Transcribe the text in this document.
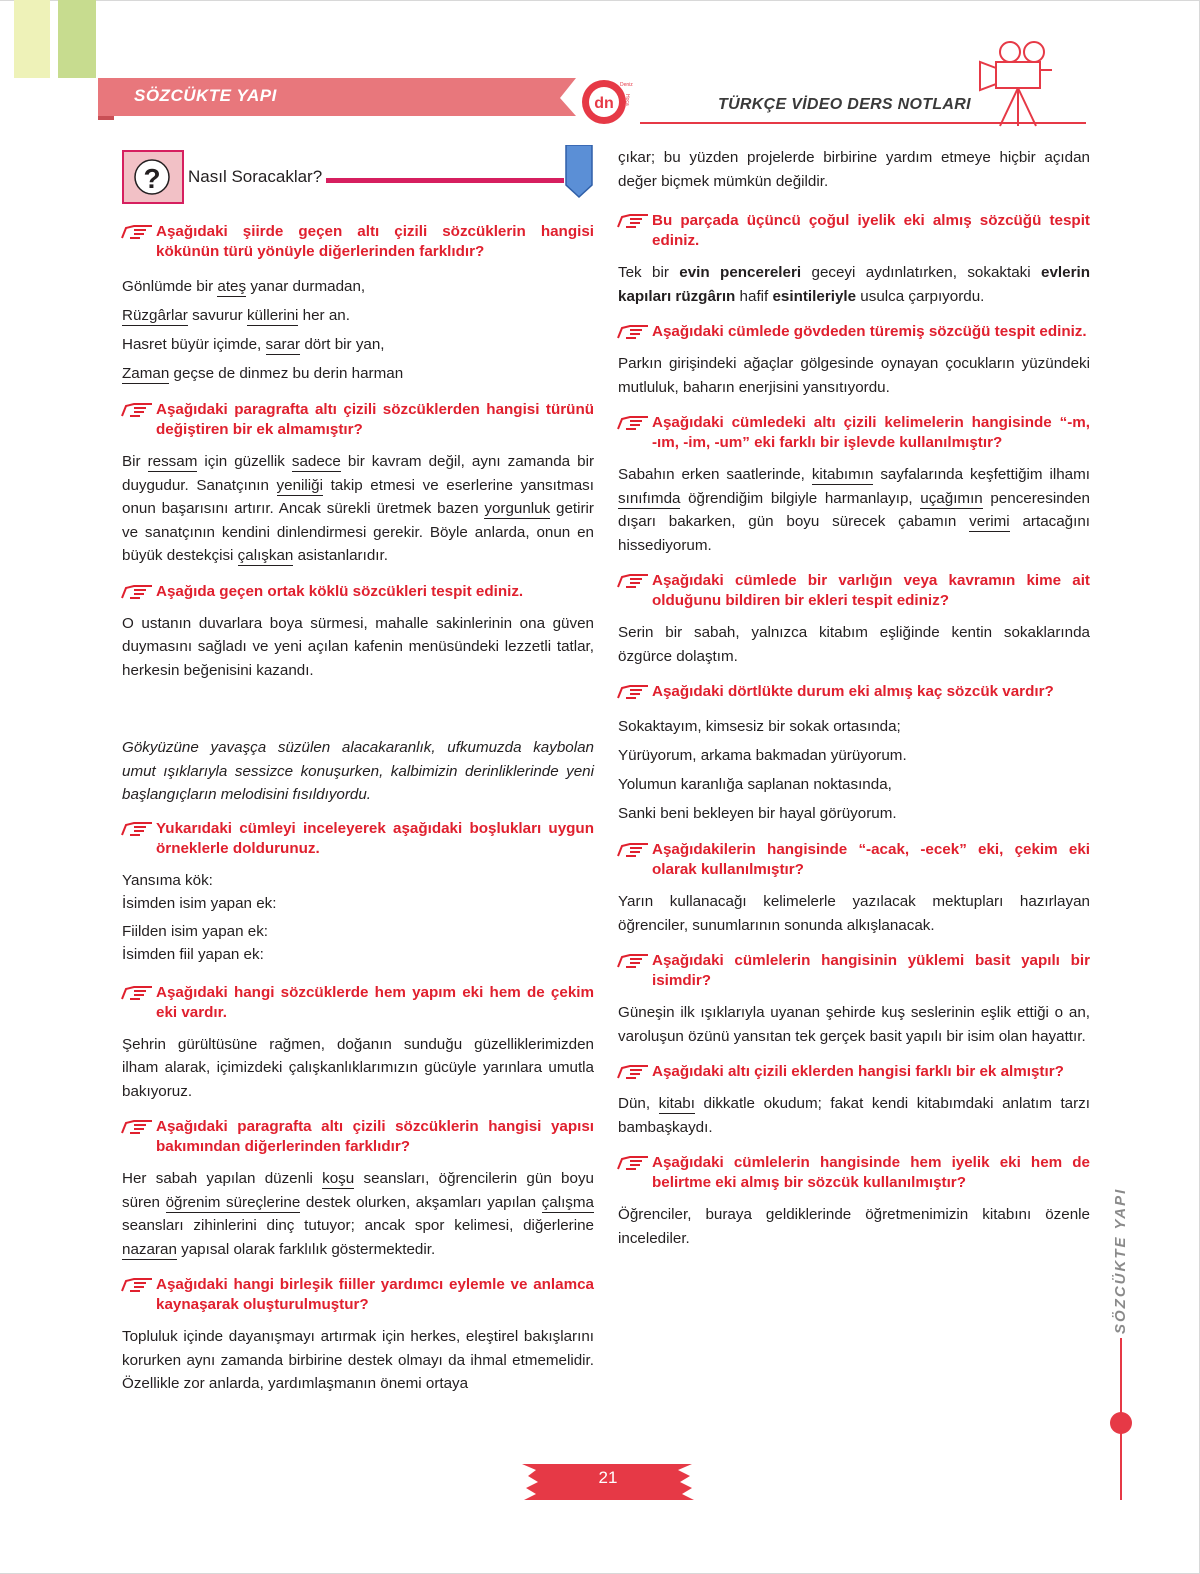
SÖZCÜKTE YAPI	dn
Deniz
Hoca	TÜRKÇE VİDEO DERS NOTLARI
? Nasıl Soracaklar?
Aşağıdaki şiirde geçen altı çizili sözcüklerin hangisi kökünün türü yönüyle diğerlerinden farklıdır?
Gönlümde bir ateş yanar durmadan,
Rüzgârlar savurur küllerini her an.
Hasret büyür içimde, sarar dört bir yan,
Zaman geçse de dinmez bu derin harman
Aşağıdaki paragrafta altı çizili sözcüklerden hangisi türünü değiştiren bir ek almamıştır?
Bir ressam için güzellik sadece bir kavram değil, aynı zamanda bir duygudur. Sanatçının yeniliği takip etmesi ve eserlerine yansıtması onun başarısını artırır. Ancak sürekli üretmek bazen yorgunluk getirir ve sanatçının kendini dinlendirmesi gerekir. Böyle anlarda, onun en büyük destekçisi çalışkan asistanlarıdır.
Aşağıda geçen ortak köklü sözcükleri tespit ediniz.
O ustanın duvarlara boya sürmesi, mahalle sakinlerinin ona güven duymasını sağladı ve yeni açılan kafenin menüsündeki lezzetli tatlar, herkesin beğenisini kazandı.
Gökyüzüne yavaşça süzülen alacakaranlık, ufkumuzda kaybolan umut ışıklarıyla sessizce konuşurken, kalbimizin derinliklerinde yeni başlangıçların melodisini fısıldıyordu.
Yukarıdaki cümleyi inceleyerek aşağıdaki boşlukları uygun örneklerle doldurunuz.
Yansıma kök:
İsimden isim yapan ek:
Fiilden isim yapan ek:
İsimden fiil yapan ek:
Aşağıdaki hangi sözcüklerde hem yapım eki hem de çekim eki vardır.
Şehrin gürültüsüne rağmen, doğanın sunduğu güzelliklerimizden ilham alarak, içimizdeki çalışkanlıklarımızın gücüyle yarınlara umutla bakıyoruz.
Aşağıdaki paragrafta altı çizili sözcüklerin hangisi yapısı bakımından diğerlerinden farklıdır?
Her sabah yapılan düzenli koşu seansları, öğrencilerin gün boyu süren öğrenim süreçlerine destek olurken, akşamları yapılan çalışma seansları zihinlerini dinç tutuyor; ancak spor kelimesi, diğerlerine nazaran yapısal olarak farklılık göstermektedir.
Aşağıdaki hangi birleşik fiiller yardımcı eylemle ve anlamca kaynaşarak oluşturulmuştur?
Topluluk içinde dayanışmayı artırmak için herkes, eleştirel bakışlarını korurken aynı zamanda birbirine destek olmayı da ihmal etmemelidir. Özellikle zor anlarda, yardımlaşmanın önemi ortaya
çıkar; bu yüzden projelerde birbirine yardım etmeye hiçbir açıdan değer biçmek mümkün değildir.
Bu parçada üçüncü çoğul iyelik eki almış sözcüğü tespit ediniz.
Tek bir evin pencereleri geceyi aydınlatırken, sokaktaki evlerin kapıları rüzgârın hafif esintileriyle usulca çarpıyordu.
Aşağıdaki cümlede gövdeden türemiş sözcüğü tespit ediniz.
Parkın girişindeki ağaçlar gölgesinde oynayan çocukların yüzündeki mutluluk, baharın enerjisini yansıtıyordu.
Aşağıdaki cümledeki altı çizili kelimelerin hangisinde “-m, -ım, -im, -um” eki farklı bir işlevde kullanılmıştır?
Sabahın erken saatlerinde, kitabımın sayfalarında keşfettiğim ilhamı sınıfımda öğrendiğim bilgiyle harmanlayıp, uçağımın penceresinden dışarı bakarken, gün boyu sürecek çabamın verimi artacağını hissediyorum.
Aşağıdaki cümlede bir varlığın veya kavramın kime ait olduğunu bildiren bir ekleri tespit ediniz?
Serin bir sabah, yalnızca kitabım eşliğinde kentin sokaklarında özgürce dolaştım.
Aşağıdaki dörtlükte durum eki almış kaç sözcük vardır?
Sokaktayım, kimsesiz bir sokak ortasında;
Yürüyorum, arkama bakmadan yürüyorum.
Yolumun karanlığa saplanan noktasında,
Sanki beni bekleyen bir hayal görüyorum.
Aşağıdakilerin hangisinde “-acak, -ecek” eki, çekim eki olarak kullanılmıştır?
Yarın kullanacağı kelimelerle yazılacak mektupları hazırlayan öğrenciler, sunumlarının sonunda alkışlanacak.
Aşağıdaki cümlelerin hangisinin yüklemi basit yapılı bir isimdir?
Güneşin ilk ışıklarıyla uyanan şehirde kuş seslerinin eşlik ettiği o an, varoluşun özünü yansıtan tek gerçek basit yapılı bir isim olan hayattır.
Aşağıdaki altı çizili eklerden hangisi farklı bir ek almıştır?
Dün, kitabı dikkatle okudum; fakat kendi kitabımdaki anlatım tarzı bambaşkaydı.
Aşağıdaki cümlelerin hangisinde hem iyelik eki hem de belirtme eki almış bir sözcük kullanılmıştır?
Öğrenciler, buraya geldiklerinde öğretmenimizin kitabını özenle incelediler.	SÖZCÜKTE YAPI
21
